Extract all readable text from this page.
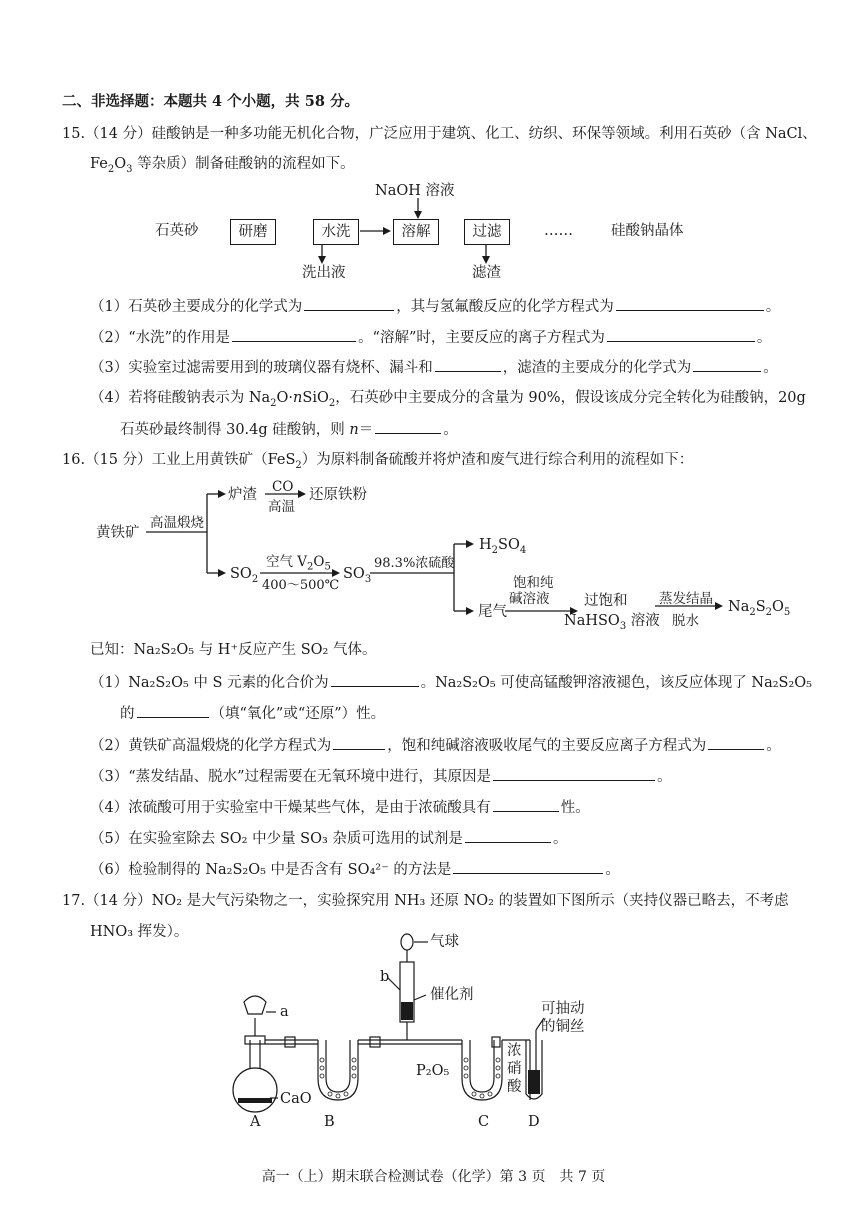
二、非选择题：本题共 4 个小题，共 58 分。
15.（14 分）硅酸钠是一种多功能无机化合物，广泛应用于建筑、化工、纺织、环保等领域。利用石英砂（含 NaCl、
$Fe_2O_3$ 等杂质）制备硅酸钠的流程如下。
NaOH 溶液
石英砂	研磨	水洗	溶解	过滤	……	硅酸钠晶体
洗出液	滤渣
（1）石英砂主要成分的化学式为	，其与氢氟酸反应的化学方程式为	。
（2）“水洗”的作用是	。“溶解”时，主要反应的离子方程式为	。
（3）实验室过滤需要用到的玻璃仪器有烧杯、漏斗和	，滤渣的主要成分的化学式为	。
（4）若将硅酸钠表示为 $Na_2O\cdot nSiO_2$，石英砂中主要成分的含量为 90%，假设该成分完全转化为硅酸钠，20g
石英砂最终制得 30.4g 硅酸钠，则 n＝	。
16.（15 分）工业上用黄铁矿（FeS$_2$）为原料制备硫酸并将炉渣和废气进行综合利用的流程如下：
黄铁矿
高温煅烧
炉渣 CO
高温
还原铁粉
$SO_2$
空气 $V_2O_5$
400～500℃
$SO_3$
98.3%浓硫酸
$H_2SO_4$
尾气
饱和纯
碱溶液 过饱和
NaHSO$_3$ 溶液
蒸发结晶
脱水
$Na_2S_2O_5$
已知：Na₂S₂O₅ 与 H⁺反应产生 SO₂ 气体。
（1）Na₂S₂O₅ 中 S 元素的化合价为	。Na₂S₂O₅ 可使高锰酸钾溶液褪色，该反应体现了 Na₂S₂O₅
的	（填“氧化”或“还原”）性。
（2）黄铁矿高温煅烧的化学方程式为	，饱和纯碱溶液吸收尾气的主要反应离子方程式为	。
（3）“蒸发结晶、脱水”过程需要在无氧环境中进行，其原因是	。
（4）浓硫酸可用于实验室中干燥某些气体，是由于浓硫酸具有	性。
（5）在实验室除去 SO₂ 中少量 SO₃ 杂质可选用的试剂是	。
（6）检验制得的 Na₂S₂O₅ 中是否含有 SO₄²⁻ 的方法是	。
17.（14 分）NO₂ 是大气污染物之一，实验探究用 NH₃ 还原 NO₂ 的装置如下图所示（夹持仪器已略去，不考虑
HNO₃ 挥发）。
气球
b
催化剂
a	可抽动
的铜丝
P₂O₅
浓
硝
酸
CaO
A	B	C	D
高一（上）期末联合检测试卷（化学）第 3 页　共 7 页
